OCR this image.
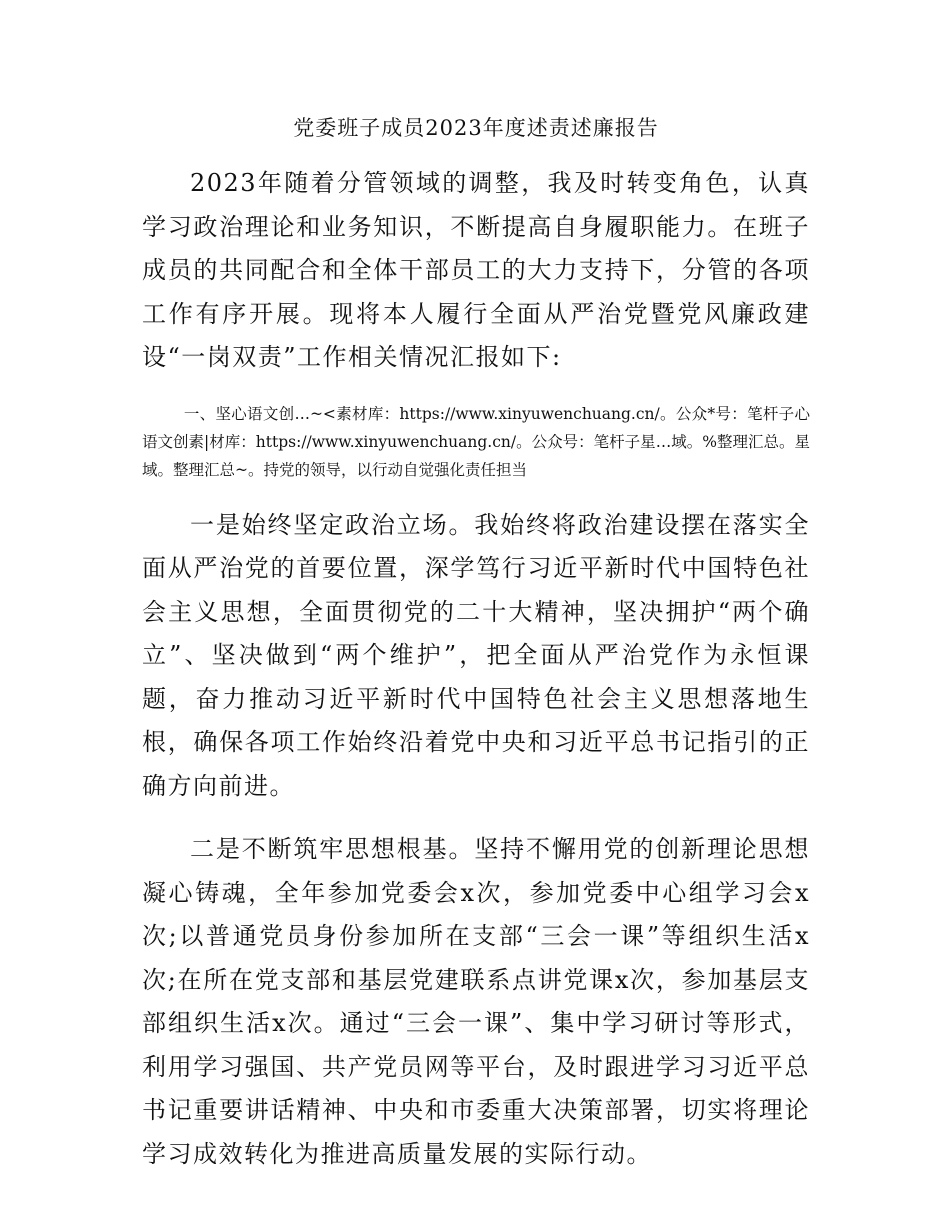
党委班子成员2023年度述责述廉报告

2023年随着分管领域的调整，我及时转变角色，认真学习政治理论和业务知识，不断提高自身履职能力。在班子成员的共同配合和全体干部员工的大力支持下，分管的各项工作有序开展。现将本人履行全面从严治党暨党风廉政建设“一岗双责”工作相关情况汇报如下:

一、坚心语文创…~<素材库：https://www.xinyuwenchuang.cn/。公众*号：笔杆子心语文创素|材库：https://www.xinyuwenchuang.cn/。公众号：笔杆子星…域。%整理汇总。星域。整理汇总~。持党的领导，以行动自觉强化责任担当

一是始终坚定政治立场。我始终将政治建设摆在落实全面从严治党的首要位置，深学笃行习近平新时代中国特色社会主义思想，全面贯彻党的二十大精神，坚决拥护“两个确立”、坚决做到“两个维护”，把全面从严治党作为永恒课题，奋力推动习近平新时代中国特色社会主义思想落地生根，确保各项工作始终沿着党中央和习近平总书记指引的正确方向前进。

二是不断筑牢思想根基。坚持不懈用党的创新理论思想凝心铸魂，全年参加党委会x次，参加党委中心组学习会x次;以普通党员身份参加所在支部“三会一课”等组织生活x次;在所在党支部和基层党建联系点讲党课x次，参加基层支部组织生活x次。通过“三会一课”、集中学习研讨等形式，利用学习强国、共产党员网等平台，及时跟进学习习近平总书记重要讲话精神、中央和市委重大决策部署，切实将理论学习成效转化为推进高质量发展的实际行动。
